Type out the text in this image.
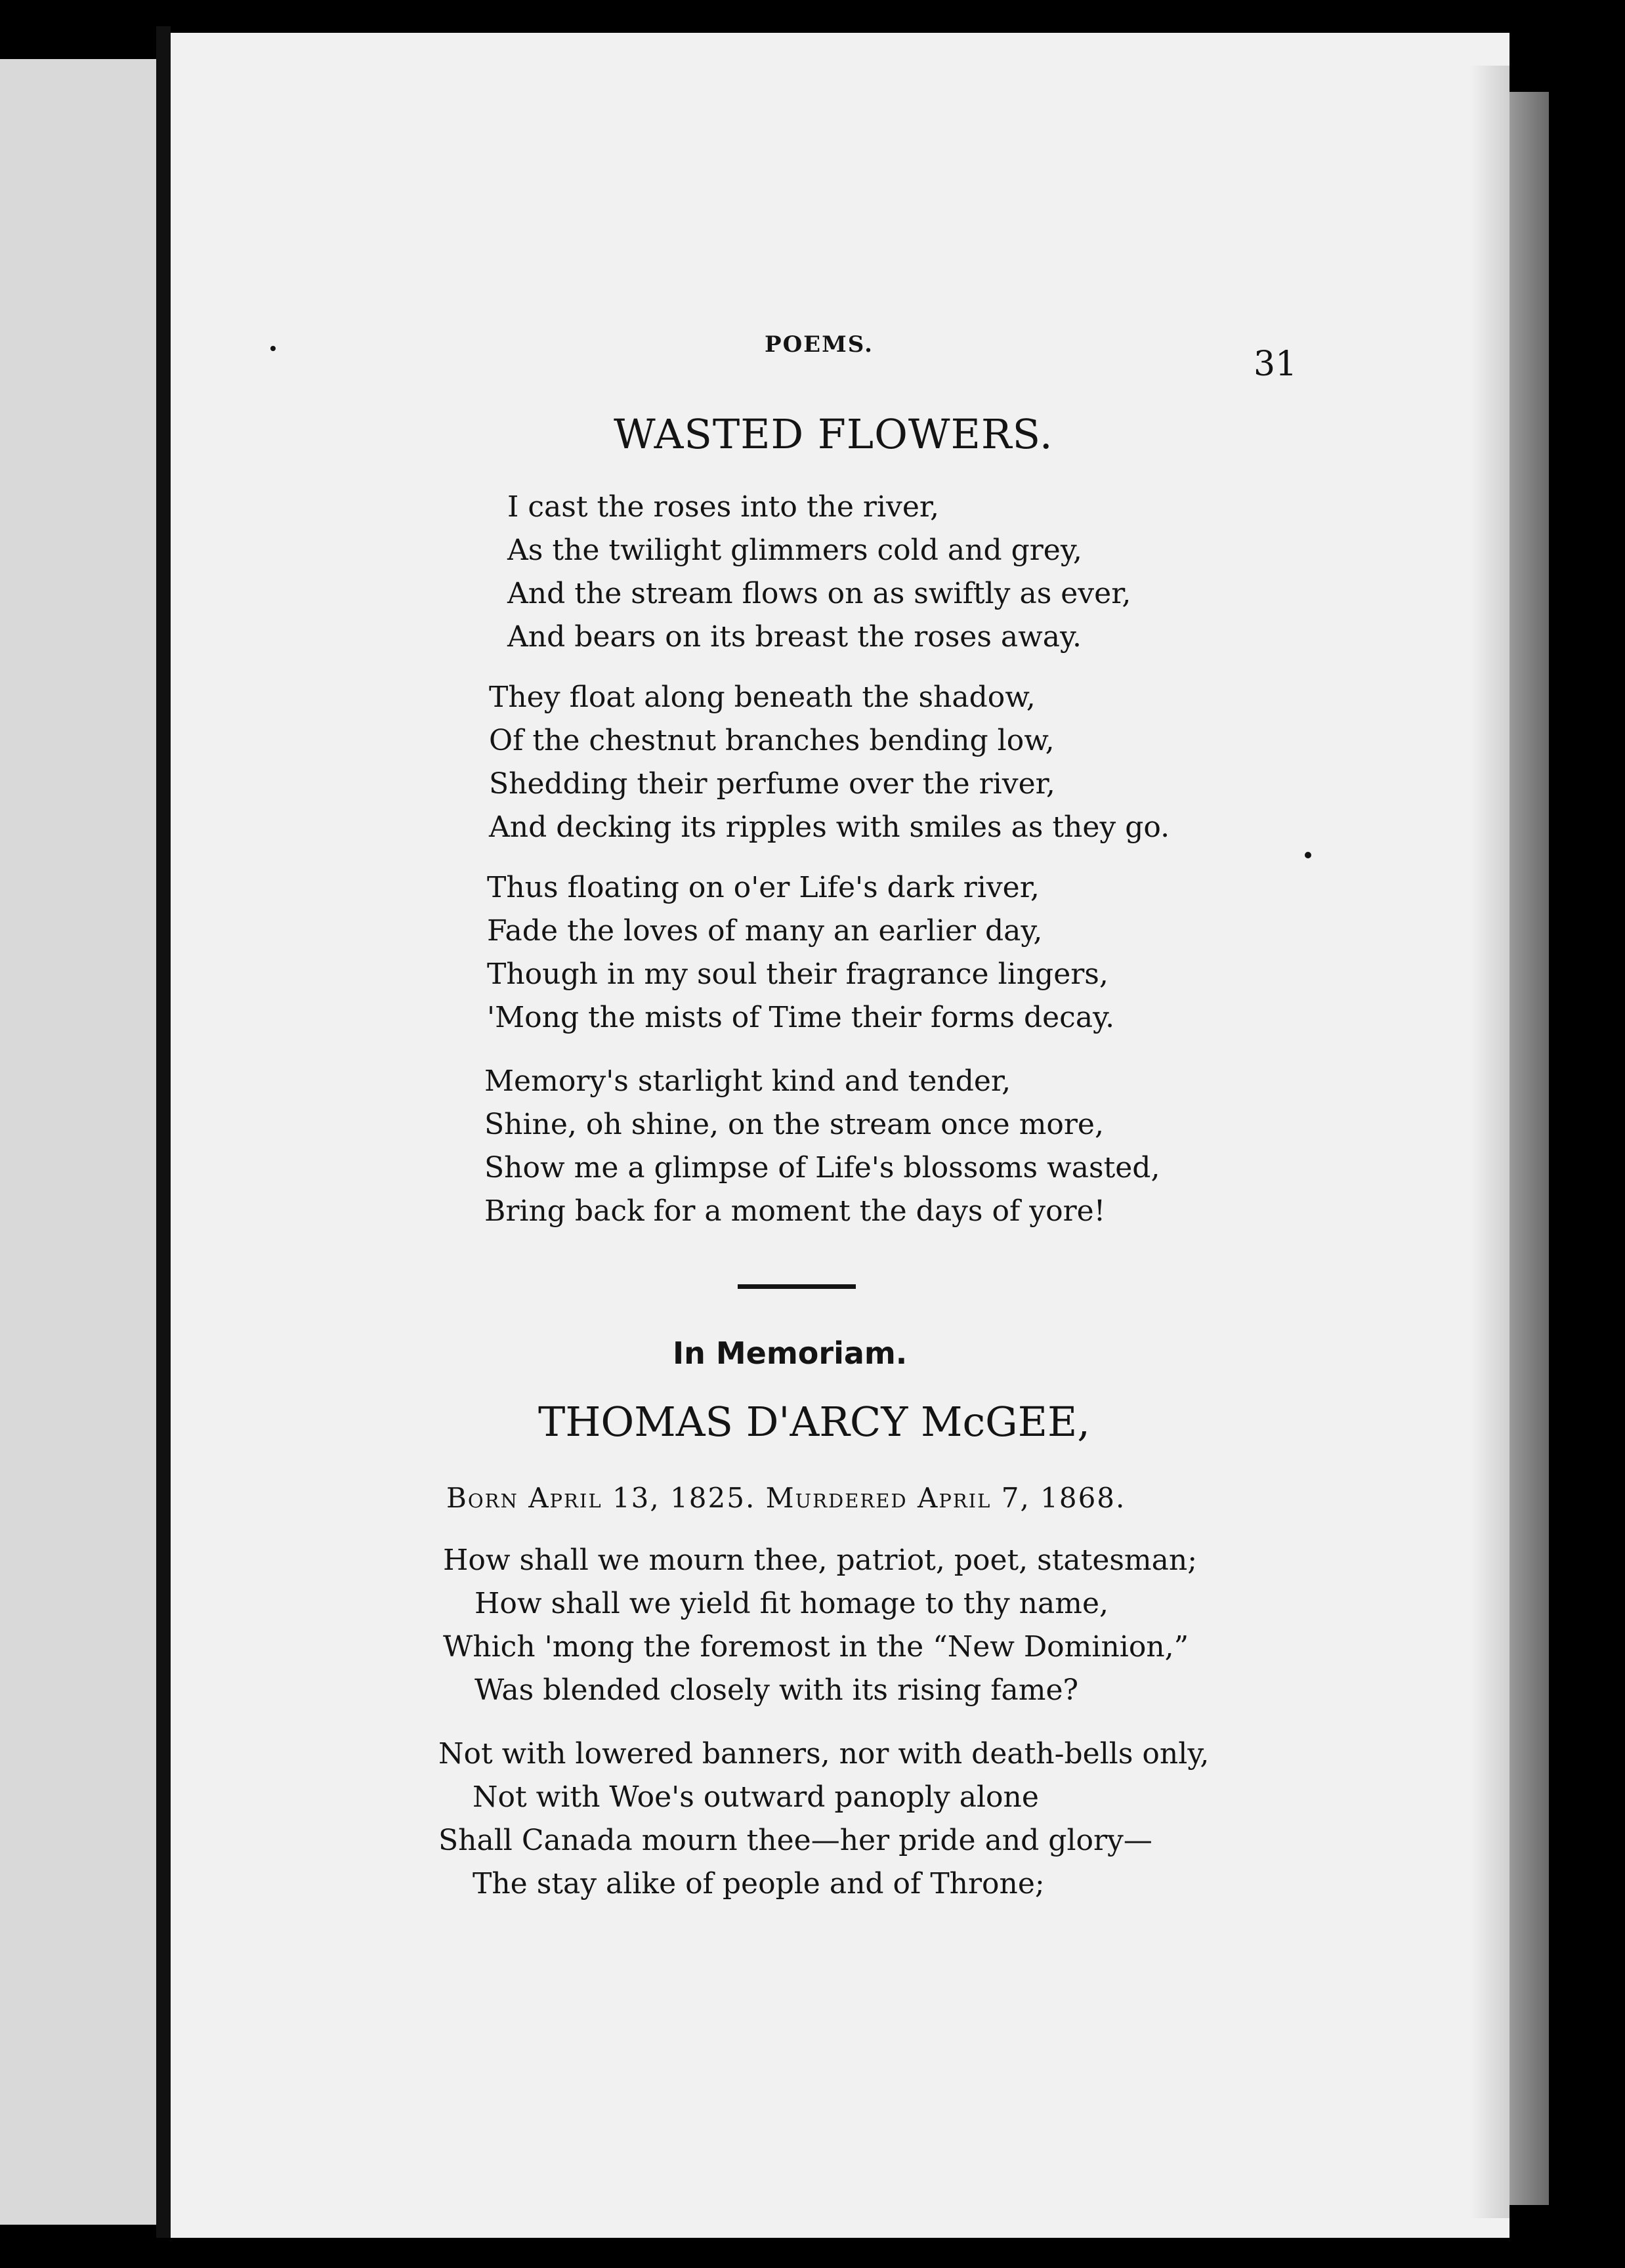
POEMS.	31

WASTED FLOWERS.

I cast the roses into the river,
As the twilight glimmers cold and grey,
And the stream flows on as swiftly as ever,
And bears on its breast the roses away.
They float along beneath the shadow,
Of the chestnut branches bending low,
Shedding their perfume over the river,
And decking its ripples with smiles as they go.
Thus floating on o'er Life's dark river,
Fade the loves of many an earlier day,
Though in my soul their fragrance lingers,
'Mong the mists of Time their forms decay.
Memory's starlight kind and tender,
Shine, oh shine, on the stream once more,
Show me a glimpse of Life's blossoms wasted,
Bring back for a moment the days of yore!

In Memoriam.

THOMAS D'ARCY McGEE,

Born April 13, 1825. Murdered April 7, 1868.

How shall we mourn thee, patriot, poet, statesman;
How shall we yield fit homage to thy name,
Which 'mong the foremost in the “New Dominion,”
Was blended closely with its rising fame?
Not with lowered banners, nor with death-bells only,
Not with Woe's outward panoply alone
Shall Canada mourn thee—her pride and glory—
The stay alike of people and of Throne;
